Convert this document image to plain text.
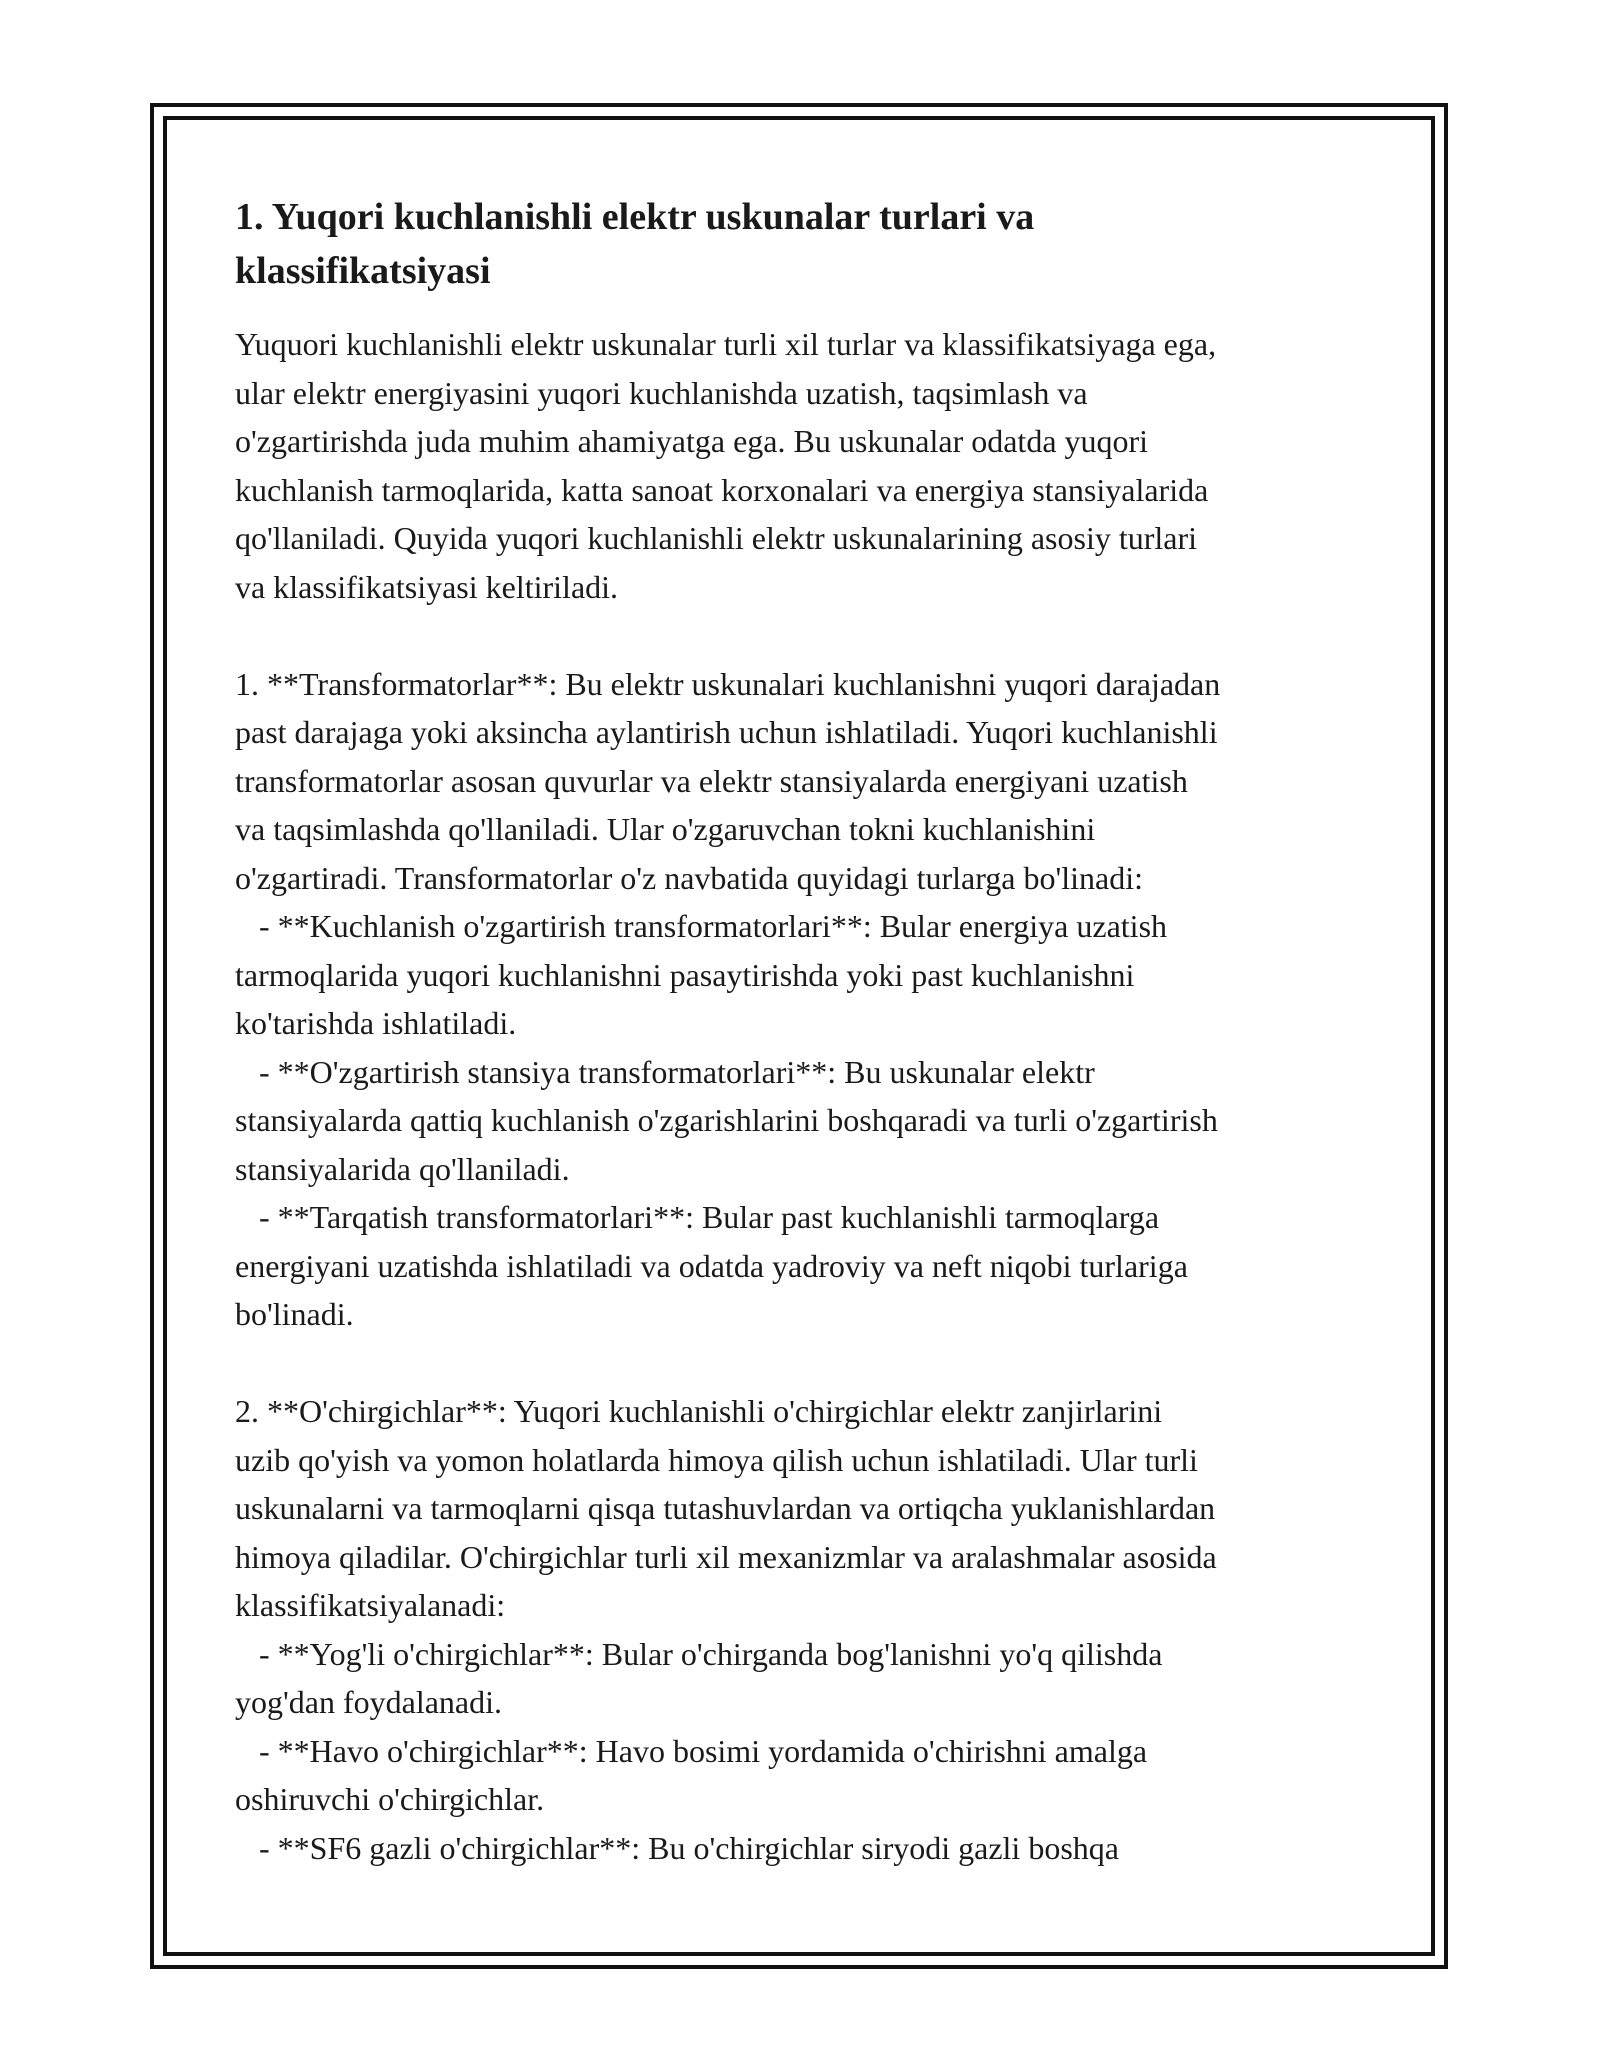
1. Yuqori kuchlanishli elektr uskunalar turlari va
klassifikatsiyasi

Yuquori kuchlanishli elektr uskunalar turli xil turlar va klassifikatsiyaga ega,
ular elektr energiyasini yuqori kuchlanishda uzatish, taqsimlash va
o'zgartirishda juda muhim ahamiyatga ega. Bu uskunalar odatda yuqori
kuchlanish tarmoqlarida, katta sanoat korxonalari va energiya stansiyalarida
qo'llaniladi. Quyida yuqori kuchlanishli elektr uskunalarining asosiy turlari
va klassifikatsiyasi keltiriladi.

1. **Transformatorlar**: Bu elektr uskunalari kuchlanishni yuqori darajadan
past darajaga yoki aksincha aylantirish uchun ishlatiladi. Yuqori kuchlanishli
transformatorlar asosan quvurlar va elektr stansiyalarda energiyani uzatish
va taqsimlashda qo'llaniladi. Ular o'zgaruvchan tokni kuchlanishini
o'zgartiradi. Transformatorlar o'z navbatida quyidagi turlarga bo'linadi:
- **Kuchlanish o'zgartirish transformatorlari**: Bular energiya uzatish
tarmoqlarida yuqori kuchlanishni pasaytirishda yoki past kuchlanishni
ko'tarishda ishlatiladi.
- **O'zgartirish stansiya transformatorlari**: Bu uskunalar elektr
stansiyalarda qattiq kuchlanish o'zgarishlarini boshqaradi va turli o'zgartirish
stansiyalarida qo'llaniladi.
- **Tarqatish transformatorlari**: Bular past kuchlanishli tarmoqlarga
energiyani uzatishda ishlatiladi va odatda yadroviy va neft niqobi turlariga
bo'linadi.
2. **O'chirgichlar**: Yuqori kuchlanishli o'chirgichlar elektr zanjirlarini
uzib qo'yish va yomon holatlarda himoya qilish uchun ishlatiladi. Ular turli
uskunalarni va tarmoqlarni qisqa tutashuvlardan va ortiqcha yuklanishlardan
himoya qiladilar. O'chirgichlar turli xil mexanizmlar va aralashmalar asosida
klassifikatsiyalanadi:
- **Yog'li o'chirgichlar**: Bular o'chirganda bog'lanishni yo'q qilishda
yog'dan foydalanadi.
- **Havo o'chirgichlar**: Havo bosimi yordamida o'chirishni amalga
oshiruvchi o'chirgichlar.
- **SF6 gazli o'chirgichlar**: Bu o'chirgichlar siryodi gazli boshqa
